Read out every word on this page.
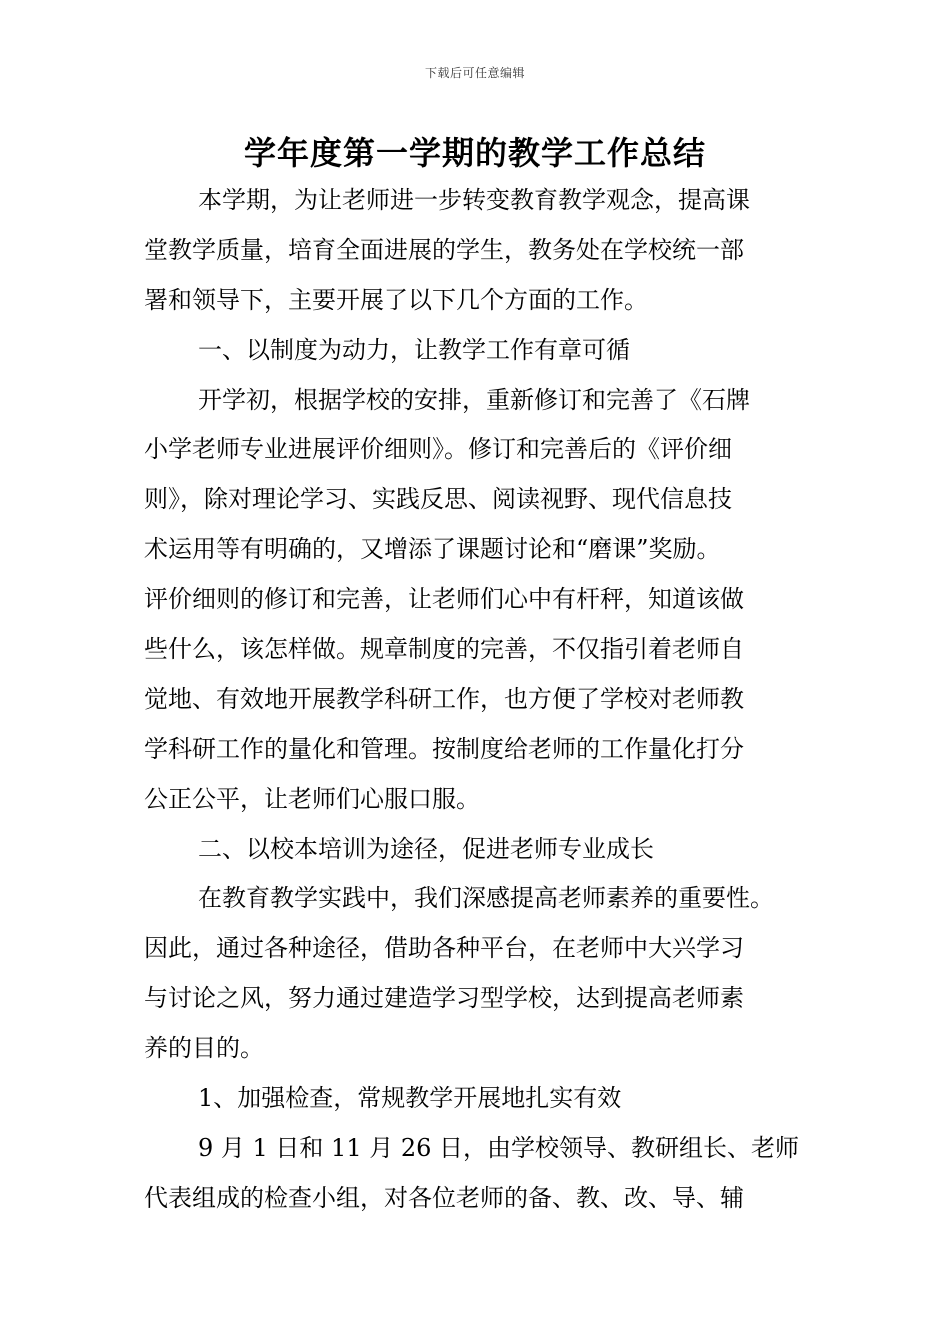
下载后可任意编辑
学年度第一学期的教学工作总结
本学期，为让老师进一步转变教育教学观念，提高课
堂教学质量，培育全面进展的学生，教务处在学校统一部
署和领导下，主要开展了以下几个方面的工作。
一、以制度为动力，让教学工作有章可循
开学初，根据学校的安排，重新修订和完善了《石牌
小学老师专业进展评价细则》。修订和完善后的《评价细
则》，除对理论学习、实践反思、阅读视野、现代信息技
术运用等有明确的，又增添了课题讨论和“磨课”奖励。
评价细则的修订和完善，让老师们心中有杆秤，知道该做
些什么，该怎样做。规章制度的完善，不仅指引着老师自
觉地、有效地开展教学科研工作，也方便了学校对老师教
学科研工作的量化和管理。按制度给老师的工作量化打分
公正公平，让老师们心服口服。
二、以校本培训为途径，促进老师专业成长
在教育教学实践中，我们深感提高老师素养的重要性。
因此，通过各种途径，借助各种平台，在老师中大兴学习
与讨论之风，努力通过建造学习型学校，达到提高老师素
养的目的。
1、加强检查，常规教学开展地扎实有效
9 月 1 日和 11 月 26 日，由学校领导、教研组长、老师
代表组成的检查小组，对各位老师的备、教、改、导、辅
